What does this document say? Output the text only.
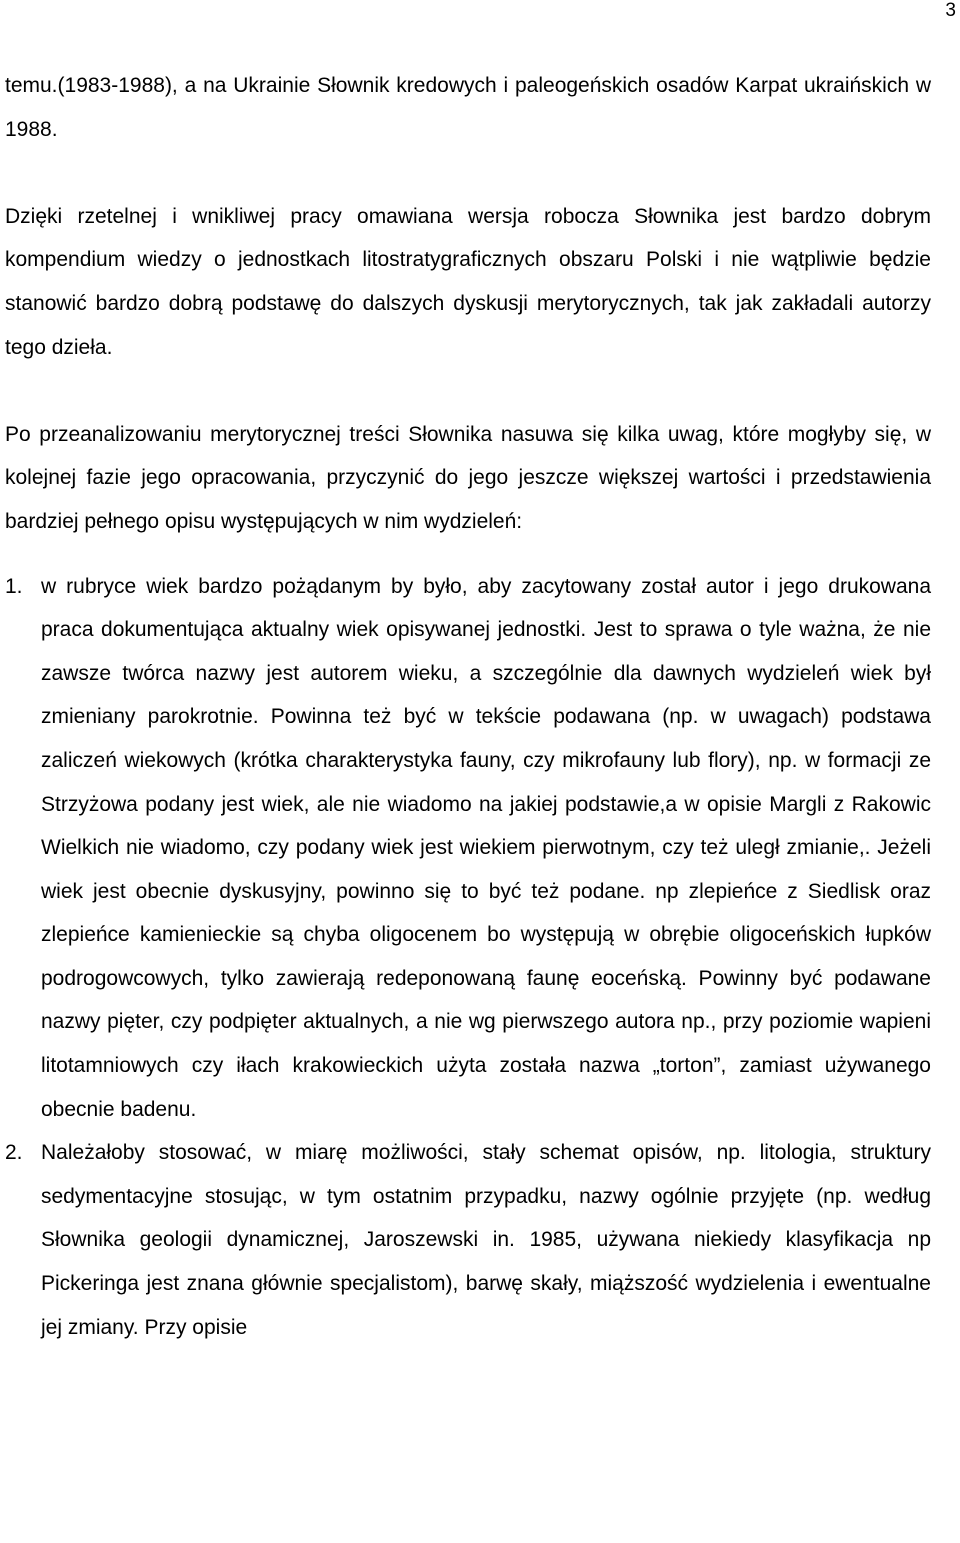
3

temu.(1983-1988), a na Ukrainie Słownik kredowych i paleogeńskich osadów Karpat ukraińskich w 1988.

Dzięki rzetelnej i wnikliwej pracy omawiana wersja robocza Słownika jest bardzo dobrym kompendium wiedzy o jednostkach litostratygraficznych obszaru Polski i nie wątpliwie będzie stanowić bardzo dobrą podstawę do dalszych dyskusji merytorycznych, tak jak zakładali autorzy tego dzieła.

Po przeanalizowaniu merytorycznej treści Słownika nasuwa się kilka uwag, które mogłyby się, w kolejnej fazie jego opracowania, przyczynić do jego jeszcze większej wartości i przedstawienia bardziej pełnego opisu występujących w nim wydzieleń:

1. w rubryce wiek bardzo pożądanym by było, aby zacytowany został autor i jego drukowana praca dokumentująca aktualny wiek opisywanej jednostki. Jest to sprawa o tyle ważna, że nie zawsze twórca nazwy jest autorem wieku, a szczególnie dla dawnych wydzieleń wiek był zmieniany parokrotnie. Powinna też być w tekście podawana (np. w uwagach) podstawa zaliczeń wiekowych (krótka charakterystyka fauny, czy mikrofauny lub flory), np. w formacji ze Strzyżowa podany jest wiek, ale nie wiadomo na jakiej podstawie,a w opisie Margli z Rakowic Wielkich nie wiadomo, czy podany wiek jest wiekiem pierwotnym, czy też uległ zmianie,. Jeżeli wiek jest obecnie dyskusyjny, powinno się to być też podane. np zlepieńce z Siedlisk oraz zlepieńce kamienieckie są chyba oligocenem bo występują w obrębie oligoceńskich łupków podrogowcowych, tylko zawierają redeponowaną faunę eoceńską. Powinny być podawane nazwy pięter, czy podpięter aktualnych, a nie wg pierwszego autora np., przy poziomie wapieni litotamniowych czy iłach krakowieckich użyta została nazwa „torton”, zamiast używanego obecnie badenu.
2. Należałoby stosować, w miarę możliwości, stały schemat opisów, np. litologia, struktury sedymentacyjne stosując, w tym ostatnim przypadku, nazwy ogólnie przyjęte (np. według Słownika geologii dynamicznej, Jaroszewski in. 1985, używana niekiedy klasyfikacja np Pickeringa jest znana głównie specjalistom), barwę skały, miąższość wydzielenia i ewentualne jej zmiany. Przy opisie
